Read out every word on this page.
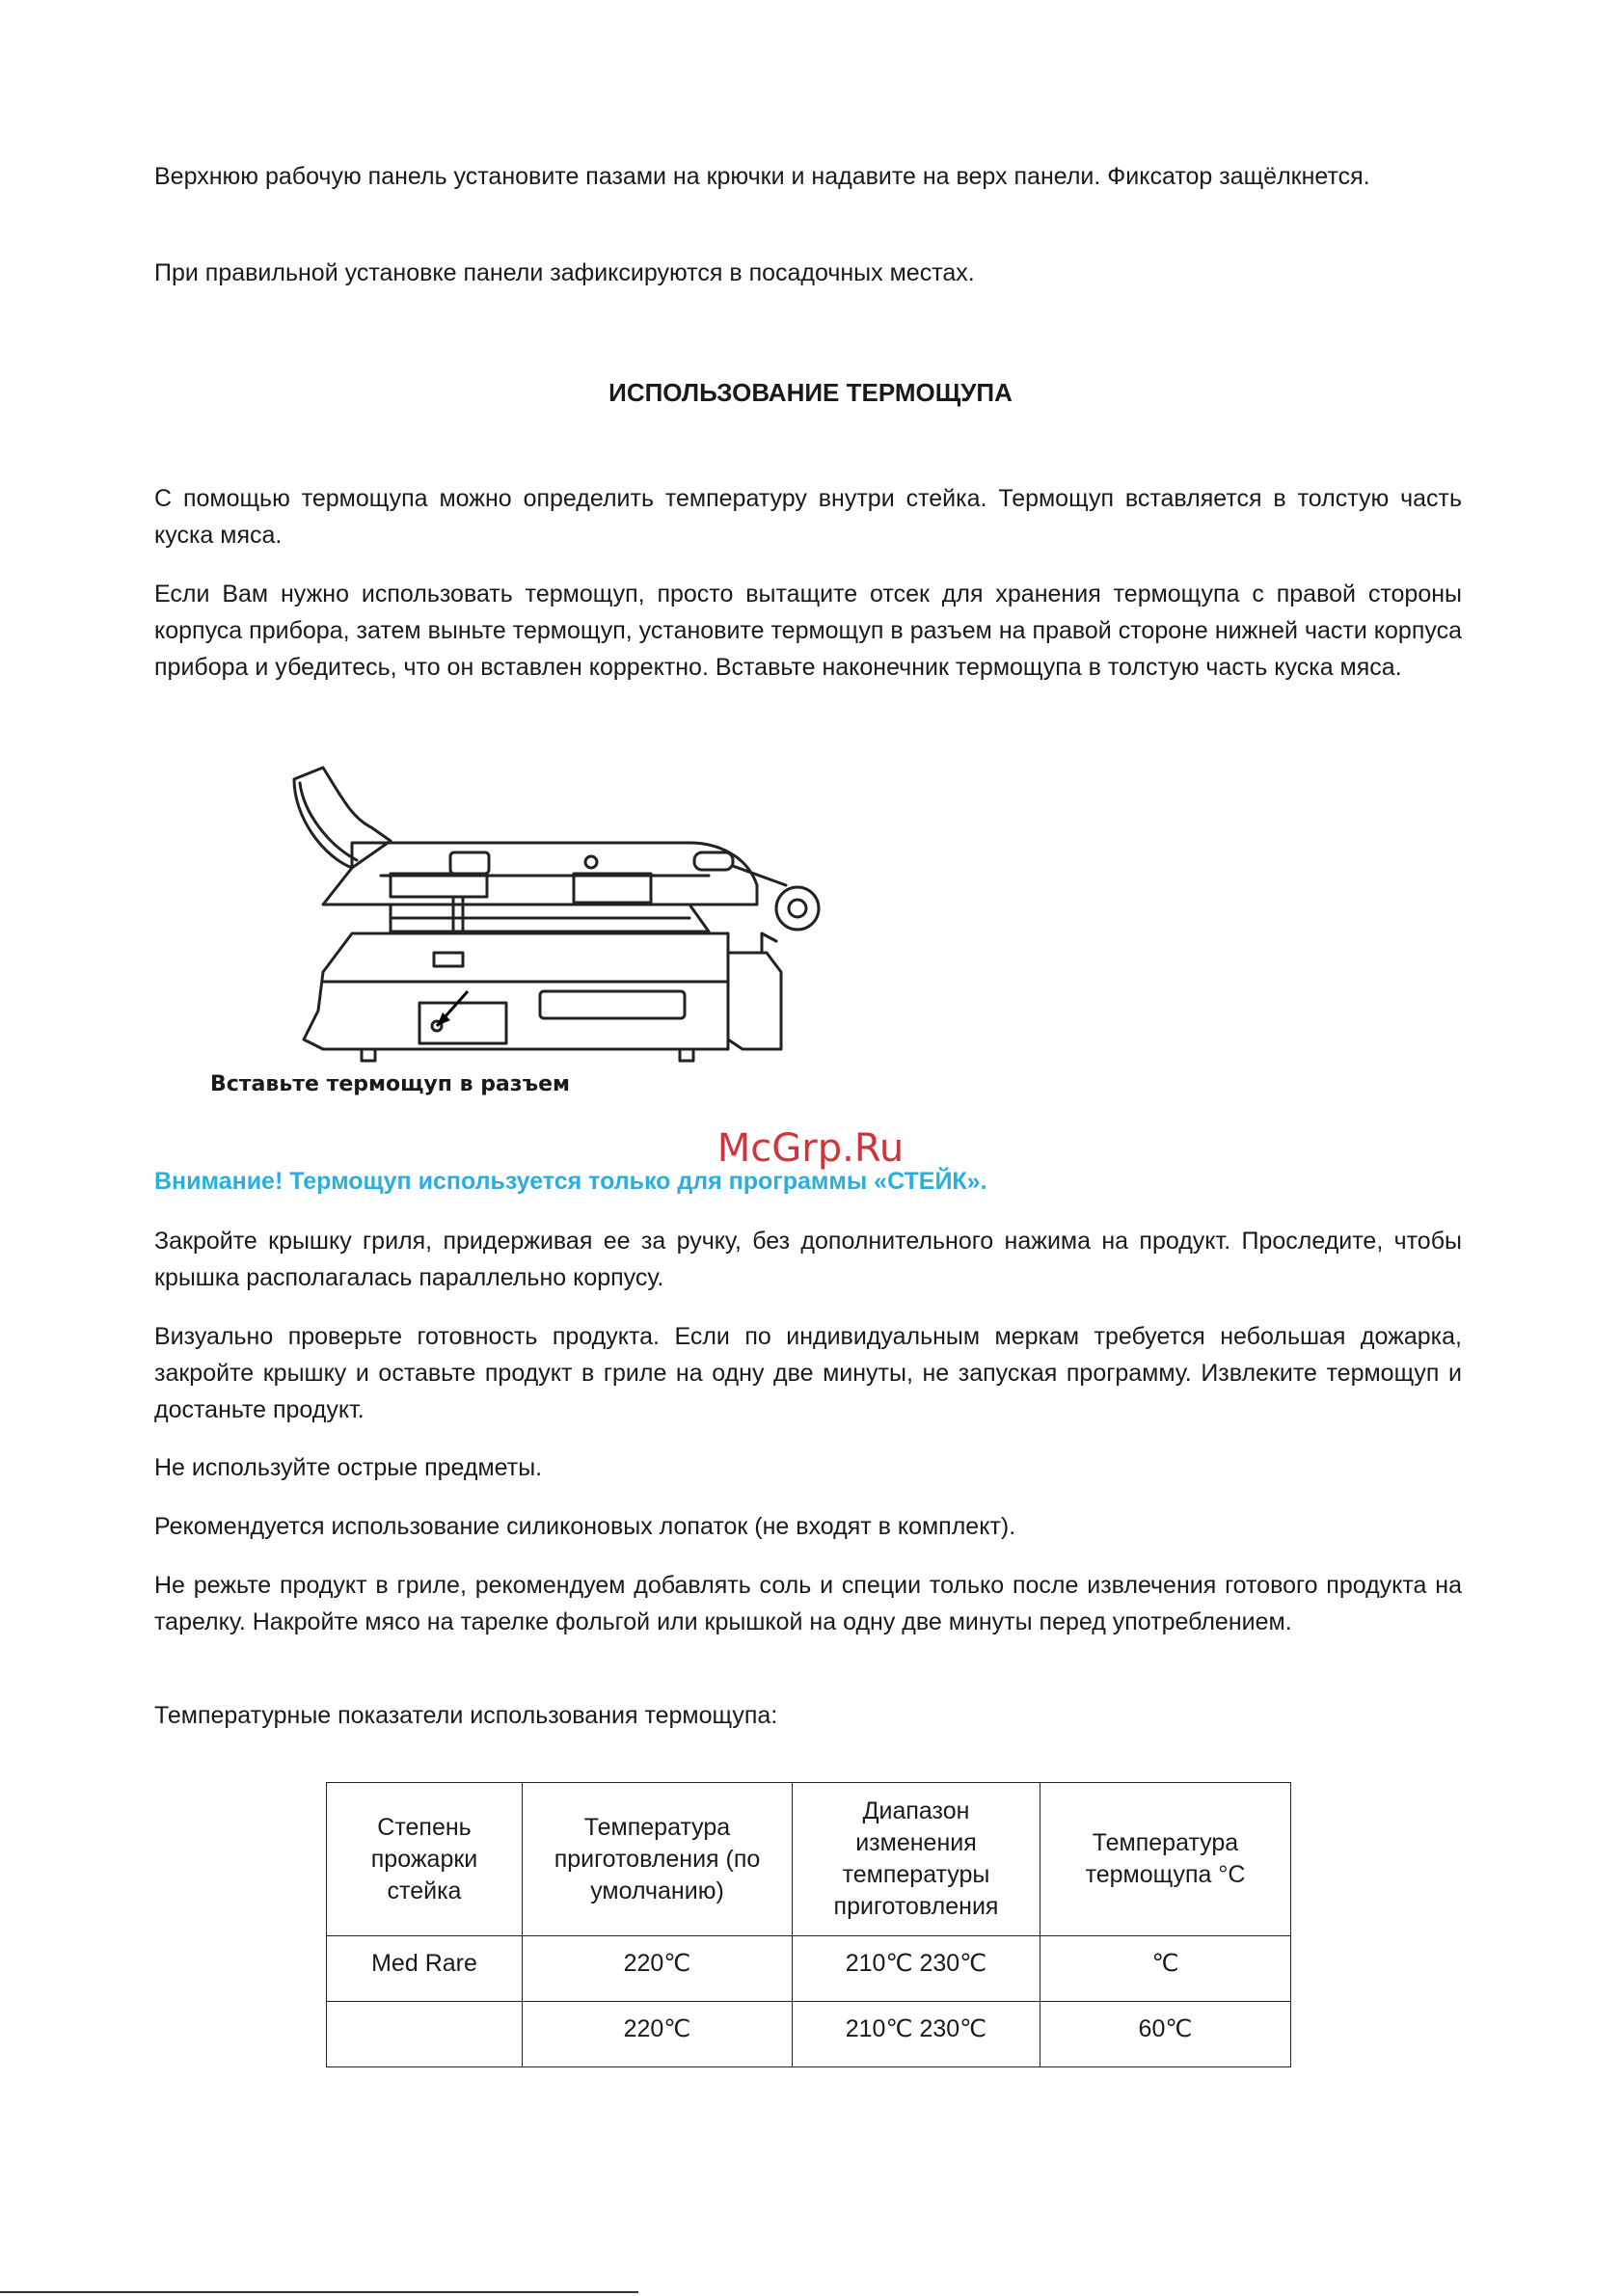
Верхнюю рабочую панель установите пазами на крючки и надавите на верх панели. Фиксатор защёлкнется.

При правильной установке панели зафиксируются в посадочных местах.

ИСПОЛЬЗОВАНИЕ ТЕРМОЩУПА

С помощью термощупа можно определить температуру внутри стейка. Термощуп вставляется в толстую часть куска мяса.

Если Вам нужно использовать термощуп, просто вытащите отсек для хранения термощупа с правой стороны корпуса прибора, затем выньте термощуп, установите термощуп в разъем на правой стороне нижней части корпуса прибора и убедитесь, что он вставлен корректно. Вставьте наконечник термощупа в толстую часть куска мяса.

Вставьте термощуп в разъем
McGrp.Ru
Внимание! Термощуп используется только для программы «СТЕЙК».

Закройте крышку гриля, придерживая ее за ручку, без дополнительного нажима на продукт. Проследите, чтобы крышка располагалась параллельно корпусу.

Визуально проверьте готовность продукта. Если по индивидуальным меркам требуется небольшая дожарка, закройте крышку и оставьте продукт в гриле на одну две минуты, не запуская программу. Извлеките термощуп и достаньте продукт.

Не используйте острые предметы.

Рекомендуется использование силиконовых лопаток (не входят в комплект).

Не режьте продукт в гриле, рекомендуем добавлять соль и специи только после извлечения готового продукта на тарелку. Накройте мясо на тарелке фольгой или крышкой на одну две минуты перед употреблением.

Температурные показатели использования термощупа:

Степень прожарки стейка	Температура приготовления (по умолчанию)	Диапазон изменения температуры приготовления	Температура термощупа °С
Med Rare	220℃	210℃ 230℃	℃
	220℃	210℃ 230℃	60℃
